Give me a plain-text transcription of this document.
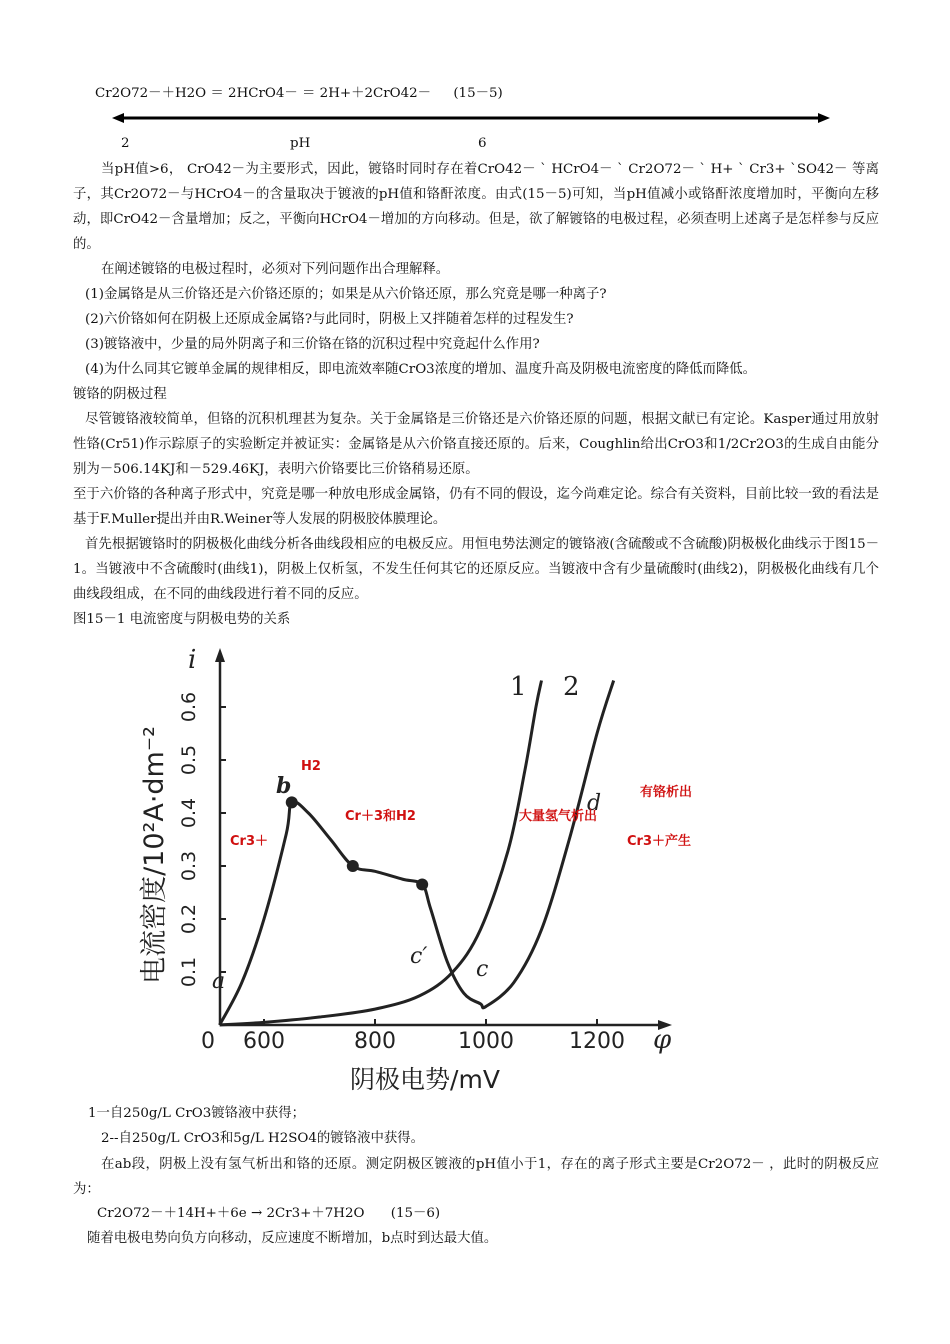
Cr2O72－＋H2O ＝ 2HCrO4－ ＝ 2H+＋2CrO42－ (15－5)
2	pH	6
当pH值>6， CrO42－为主要形式，因此，镀铬时同时存在着CrO42－ ` HCrO4－ ` Cr2O72－ ` H+ ` Cr3+ `SO42－ 等离子，其Cr2O72－与HCrO4－的含量取决于镀液的pH值和铬酐浓度。由式(15－5)可知，当pH值减小或铬酐浓度增加时，平衡向左移动，即CrO42－含量增加；反之，平衡向HCrO4－增加的方向移动。但是，欲了解镀铬的电极过程，必须查明上述离子是怎样参与反应的。
在阐述镀铬的电极过程时，必须对下列问题作出合理解释。
(1)金属铬是从三价铬还是六价铬还原的；如果是从六价铬还原，那么究竟是哪一种离子?
(2)六价铬如何在阴极上还原成金属铬?与此同时，阴极上又拌随着怎样的过程发生?
(3)镀铬液中，少量的局外阴离子和三价铬在铬的沉积过程中究竟起什么作用?
(4)为什么同其它镀单金属的规律相反，即电流效率随CrO3浓度的增加、温度升高及阴极电流密度的降低而降低。
镀铬的阴极过程
尽管镀铬液较简单，但铬的沉积机理甚为复杂。关于金属铬是三价铬还是六价铬还原的问题，根据文献已有定论。Kasper通过用放射性铬(Cr51)作示踪原子的实验断定并被证实：金属铬是从六价铬直接还原的。后来，Coughlin给出CrO3和1/2Cr2O3的生成自由能分别为－506.14KJ和－529.46KJ，表明六价铬要比三价铬稍易还原。
至于六价铬的各种离子形式中，究竟是哪一种放电形成金属铬，仍有不同的假设，迄今尚难定论。综合有关资料，目前比较一致的看法是基于F.Muller提出并由R.Weiner等人发展的阴极胶体膜理论。
首先根据镀铬时的阴极极化曲线分析各曲线段相应的电极反应。用恒电势法测定的镀铬液(含硫酸或不含硫酸)阴极极化曲线示于图15－1。当镀液中不含硫酸时(曲线1)，阴极上仅析氢，不发生任何其它的还原反应。当镀液中含有少量硫酸时(曲线2)，阴极极化曲线有几个曲线段组成，在不同的曲线段进行着不同的反应。
图15－1 电流密度与阴极电势的关系
0 600	800	1000	1200
0.1
0.2
0.3
0.4
0.5
0.6
i
φ
电流密度/10²A·dm⁻²
阴极电势/mV
1 2
a
b
c
c′
d
H2
Cr3＋
Cr＋3和H2	大量氢气析出
有铬析出
Cr3＋产生
1一自250g/L CrO3镀铬液中获得；
2--自250g/L CrO3和5g/L H2SO4的镀铬液中获得。
在ab段，阴极上没有氢气析出和铬的还原。测定阴极区镀液的pH值小于1，存在的离子形式主要是Cr2O72－ ，此时的阴极反应为：
Cr2O72－＋14H+＋6e → 2Cr3+＋7H2O (15－6)
随着电极电势向负方向移动，反应速度不断增加，b点时到达最大值。
